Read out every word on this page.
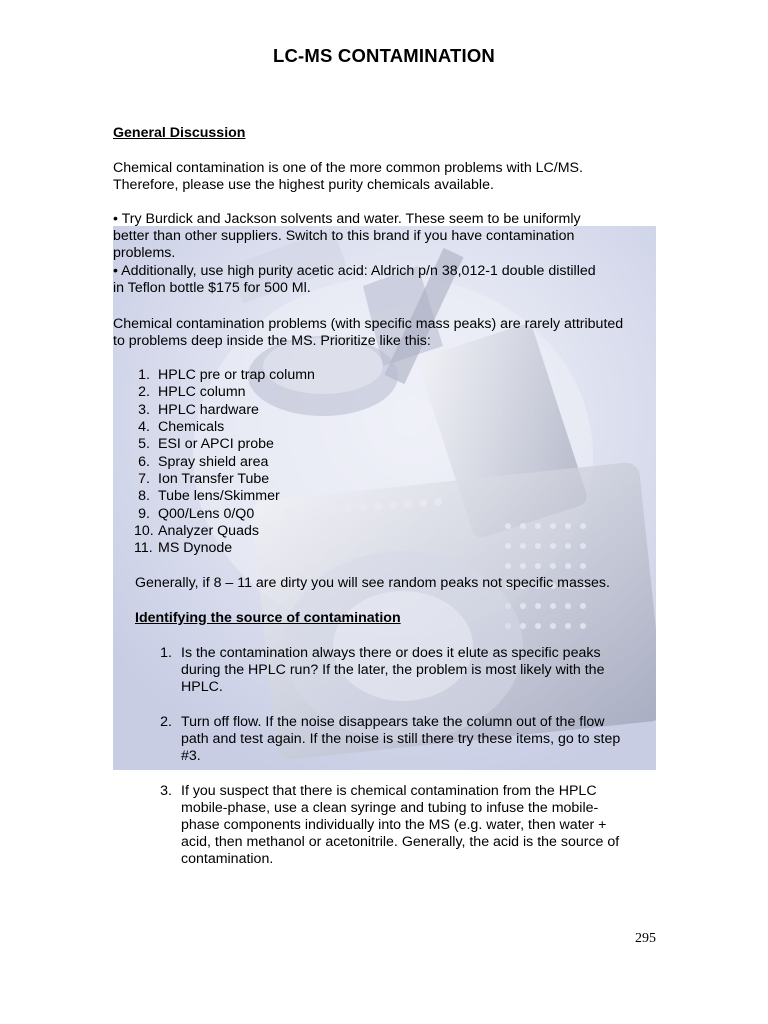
LC-MS CONTAMINATION
General Discussion
Chemical contamination is one of the more common problems with LC/MS.
Therefore, please use the highest purity chemicals available.
• Try Burdick and Jackson solvents and water. These seem to be uniformly
better than other suppliers. Switch to this brand if you have contamination
problems.
• Additionally, use high purity acetic acid: Aldrich p/n 38,012-1 double distilled
in Teflon bottle $175 for 500 Ml.
Chemical contamination problems (with specific mass peaks) are rarely attributed
to problems deep inside the MS. Prioritize like this:
1. HPLC pre or trap column
2. HPLC column
3. HPLC hardware
4. Chemicals
5. ESI or APCI probe
6. Spray shield area
7. Ion Transfer Tube
8. Tube lens/Skimmer
9. Q00/Lens 0/Q0
10. Analyzer Quads
11. MS Dynode
Generally, if 8 – 11 are dirty you will see random peaks not specific masses.
Identifying the source of contamination
1. Is the contamination always there or does it elute as specific peaks
during the HPLC run? If the later, the problem is most likely with the
HPLC.
2. Turn off flow. If the noise disappears take the column out of the flow
path and test again. If the noise is still there try these items, go to step
#3.
3. If you suspect that there is chemical contamination from the HPLC
mobile-phase, use a clean syringe and tubing to infuse the mobile-
phase components individually into the MS (e.g. water, then water +
acid, then methanol or acetonitrile. Generally, the acid is the source of
contamination.
295
